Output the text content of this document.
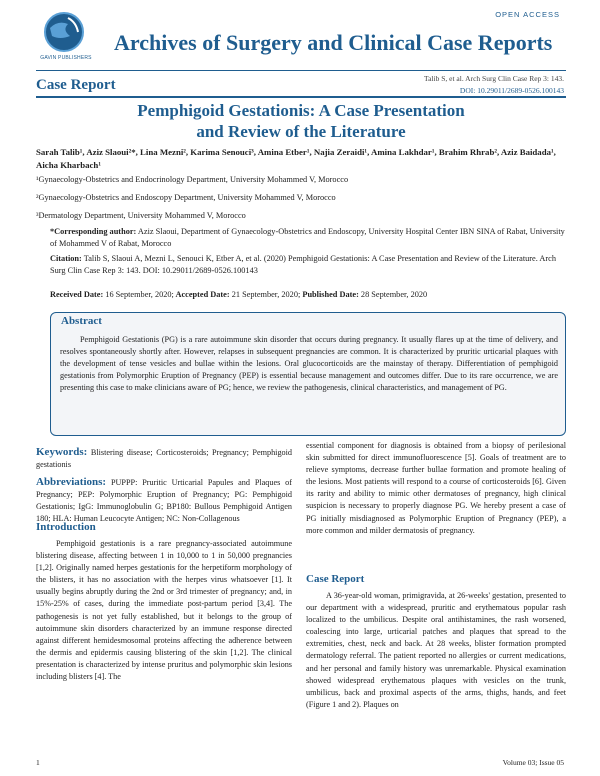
GAVIN PUBLISHERS
OPEN ACCESS
Archives of Surgery and Clinical Case Reports
Case Report	Talib S, et al. Arch Surg Clin Case Rep 3: 143.
DOI: 10.29011/2689-0526.100143
Pemphigoid Gestationis: A Case Presentation
and Review of the Literature
Sarah Talib¹, Aziz Slaoui²*, Lina Mezni², Karima Senouci³, Amina Etber¹, Najia Zeraidi¹, Amina Lakhdar¹, Brahim Rhrab², Aziz Baidada¹, Aicha Kharbach¹
¹Gynaecology-Obstetrics and Endocrinology Department, University Mohammed V, Morocco
²Gynaecology-Obstetrics and Endoscopy Department, University Mohammed V, Morocco
³Dermatology Department, University Mohammed V, Morocco
*Corresponding author: Aziz Slaoui, Department of Gynaecology-Obstetrics and Endoscopy, University Hospital Center IBN SINA of Rabat, University of Mohammed V of Rabat, Morocco
Citation: Talib S, Slaoui A, Mezni L, Senouci K, Etber A, et al. (2020) Pemphigoid Gestationis: A Case Presentation and Review of the Literature. Arch Surg Clin Case Rep 3: 143. DOI: 10.29011/2689-0526.100143
Received Date: 16 September, 2020; Accepted Date: 21 September, 2020; Published Date: 28 September, 2020
Abstract
Pemphigoid Gestationis (PG) is a rare autoimmune skin disorder that occurs during pregnancy. It usually flares up at the time of delivery, and resolves spontaneously shortly after. However, relapses in subsequent pregnancies are common. It is characterized by pruritic urticarial plaques with the development of tense vesicles and bullae within the lesions. Oral glucocorticoids are the mainstay of therapy. Differentiation of pemphigoid gestationis from Polymorphic Eruption of Pregnancy (PEP) is essential because management and outcomes differ. Due to its rare occurrence, we are presenting this case to make clinicians aware of PG; hence, we review the pathogenesis, clinical characteristics, and management of PG.
Keywords: Blistering disease; Corticosteroids; Pregnancy; Pemphigoid gestationis
Abbreviations: PUPPP: Pruritic Urticarial Papules and Plaques of Pregnancy; PEP: Polymorphic Eruption of Pregnancy; PG: Pemphigoid Gestationis; IgG: Immunoglobulin G; BP180: Bullous Pemphigoid Antigen 180; HLA: Human Leucocyte Antigen; NC: Non-Collagenous
Introduction
Pemphigoid gestationis is a rare pregnancy-associated autoimmune blistering disease, affecting between 1 in 10,000 to 1 in 50,000 pregnancies [1,2]. Originally named herpes gestationis for the herpetiform morphology of the blisters, it has no association with the herpes virus whatsoever [1]. It usually begins abruptly during the 2nd or 3rd trimester of pregnancy; and, in 15%-25% of cases, during the immediate post-partum period [3,4]. The pathogenesis is not yet fully established, but it belongs to the group of autoimmune skin disorders characterized by an immune response directed against different hemidesmosomal proteins affecting the adherence between the dermis and epidermis causing blistering of the skin [1,2]. The clinical presentation is characterized by intense pruritus and polymorphic skin lesions including blisters [4]. The
essential component for diagnosis is obtained from a biopsy of perilesional skin submitted for direct immunofluorescence [5]. Goals of treatment are to relieve symptoms, decrease further bullae formation and promote healing of the lesions. Most patients will respond to a course of corticosteroids [6]. Given its rarity and ability to mimic other dermatoses of pregnancy, high clinical suspicion is necessary to properly diagnose PG. We hereby present a case of PG initially misdiagnosed as Polymorphic Eruption of Pregnancy (PEP), a more common and milder dermatosis of pregnancy.
Case Report
A 36-year-old woman, primigravida, at 26-weeks' gestation, presented to our department with a widespread, pruritic and erythematous popular rash localized to the umbilicus. Despite oral antihistamines, the rash worsened, coalescing into large, urticarial patches and plaques that spread to the extremities, chest, neck and back. At 28 weeks, blister formation prompted dermatology referral. The patient reported no allergies or current medications, and her personal and family history was unremarkable. Physical examination showed widespread erythematous plaques with vesicles on the trunk, umbilicus, back and proximal aspects of the arms, thighs, hands, and feet (Figure 1 and 2). Plaques on
1	Volume 03; Issue 05
